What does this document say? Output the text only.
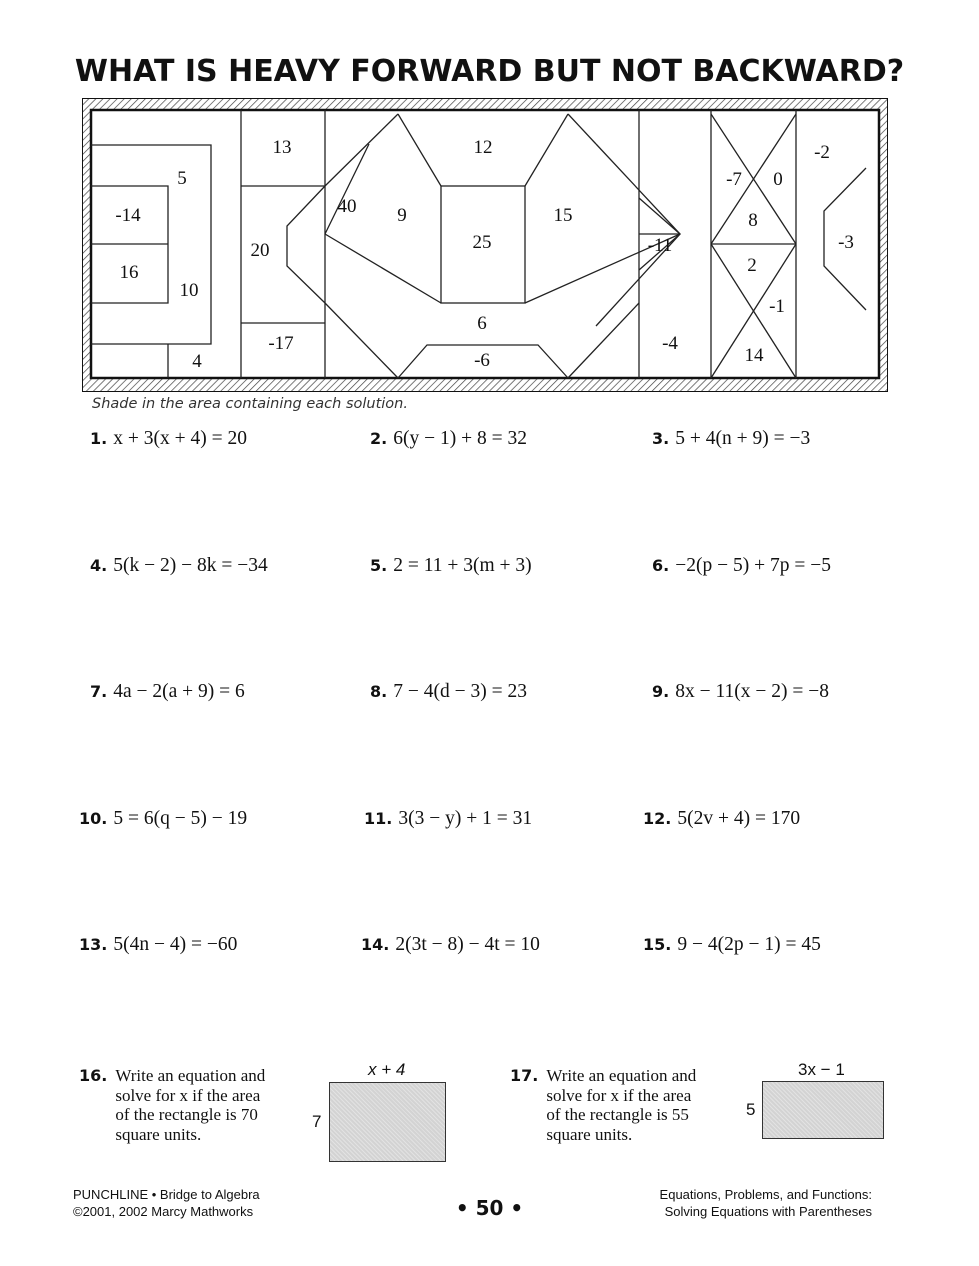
WHAT IS HEAVY FORWARD BUT NOT BACKWARD?
13
5
-14
16
10
4
20
-17
40 9
12
25
15
6
-6
-11
-4
-7 0
8
2
-1
14
-2
-3
Shade in the area containing each solution.
1. x + 3(x + 4) = 20	2. 6(y − 1) + 8 = 32	3. 5 + 4(n + 9) = −3
4. 5(k − 2) − 8k = −34	5. 2 = 11 + 3(m + 3)	6. −2(p − 5) + 7p = −5
7. 4a − 2(a + 9) = 6	8. 7 − 4(d − 3) = 23	9. 8x − 11(x − 2) = −8
10. 5 = 6(q − 5) − 19	11. 3(3 − y) + 1 = 31	12. 5(2v + 4) = 170
13. 5(4n − 4) = −60	14. 2(3t − 8) − 4t = 10	15. 9 − 4(2p − 1) = 45
16. Write an equation and
solve for x if the area
of the rectangle is 70
square units.
x + 4
7
17. Write an equation and
solve for x if the area
of the rectangle is 55
square units.
3x − 1
5
PUNCHLINE • Bridge to Algebra
©2001, 2002 Marcy Mathworks	• 50 •
Equations, Problems, and Functions:
Solving Equations with Parentheses
